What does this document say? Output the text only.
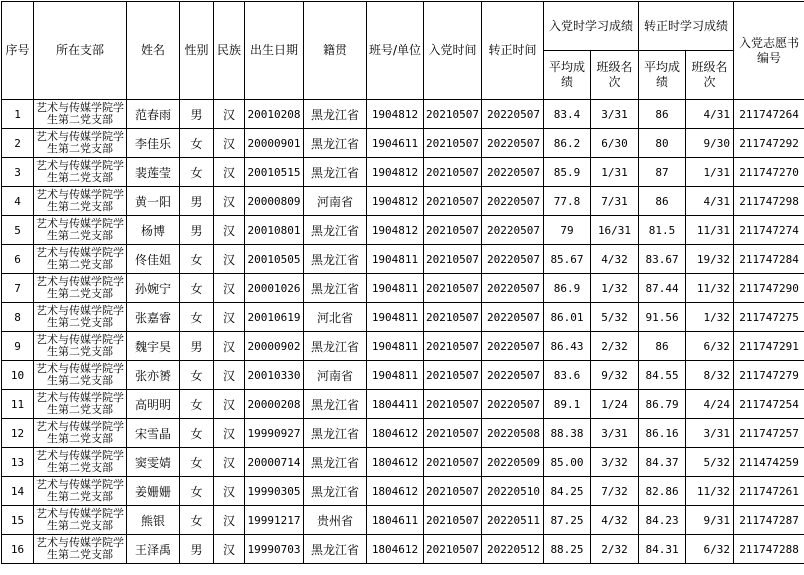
序号	所在支部	姓名	性别	民族	出生日期	籍贯	班号/单位	入党时间	转正时间	入党时学习成绩		转正时学习成绩		入党志愿书编号
										平均成绩	班级名次	平均成绩	班级名次	
1	艺术与传媒学院学生第二党支部	范春雨	男	汉	20010208	黑龙江省	1904812	20210507	20220507	83.4	3/31	86	4/31	211747264
2	艺术与传媒学院学生第二党支部	李佳乐	女	汉	20000901	黑龙江省	1904611	20210507	20220507	86.2	6/30	80	9/30	211747292
3	艺术与传媒学院学生第二党支部	裴莲莹	女	汉	20010515	黑龙江省	1904812	20210507	20220507	85.9	1/31	87	1/31	211747270
4	艺术与传媒学院学生第二党支部	黄一阳	男	汉	20000809	河南省	1904812	20210507	20220507	77.8	7/31	86	4/31	211747298
5	艺术与传媒学院学生第二党支部	杨博	男	汉	20010801	黑龙江省	1904812	20210507	20220507	79	16/31	81.5	11/31	211747274
6	艺术与传媒学院学生第二党支部	佟佳姐	女	汉	20010505	黑龙江省	1904811	20210507	20220507	85.67	4/32	83.67	19/32	211747284
7	艺术与传媒学院学生第二党支部	孙婉宁	女	汉	20001026	黑龙江省	1904811	20210507	20220507	86.9	1/32	87.44	11/32	211747290
8	艺术与传媒学院学生第二党支部	张嘉睿	女	汉	20010619	河北省	1904811	20210507	20220507	86.01	5/32	91.56	1/32	211747275
9	艺术与传媒学院学生第二党支部	魏宇昊	男	汉	20000902	黑龙江省	1904811	20210507	20220507	86.43	2/32	86	6/32	211747291
10	艺术与传媒学院学生第二党支部	张亦赟	女	汉	20010330	河南省	1904811	20210507	20220507	83.6	9/32	84.55	8/32	211747279
11	艺术与传媒学院学生第二党支部	高明明	女	汉	20000208	黑龙江省	1804411	20210507	20220507	89.1	1/24	86.79	4/24	211747254
12	艺术与传媒学院学生第二党支部	宋雪晶	女	汉	19990927	黑龙江省	1804612	20210507	20220508	88.38	3/31	86.16	3/31	211747257
13	艺术与传媒学院学生第二党支部	窦雯婧	女	汉	20000714	黑龙江省	1804612	20210507	20220509	85.00	3/32	84.37	5/32	211474259
14	艺术与传媒学院学生第二党支部	姜姗姗	女	汉	19990305	黑龙江省	1804612	20210507	20220510	84.25	7/32	82.86	11/32	211747261
15	艺术与传媒学院学生第二党支部	熊银	女	汉	19991217	贵州省	1804611	20210507	20220511	87.25	4/32	84.23	9/31	211747287
16	艺术与传媒学院学生第二党支部	王泽禹	男	汉	19990703	黑龙江省	1804612	20210507	20220512	88.25	2/32	84.31	6/32	211747288
